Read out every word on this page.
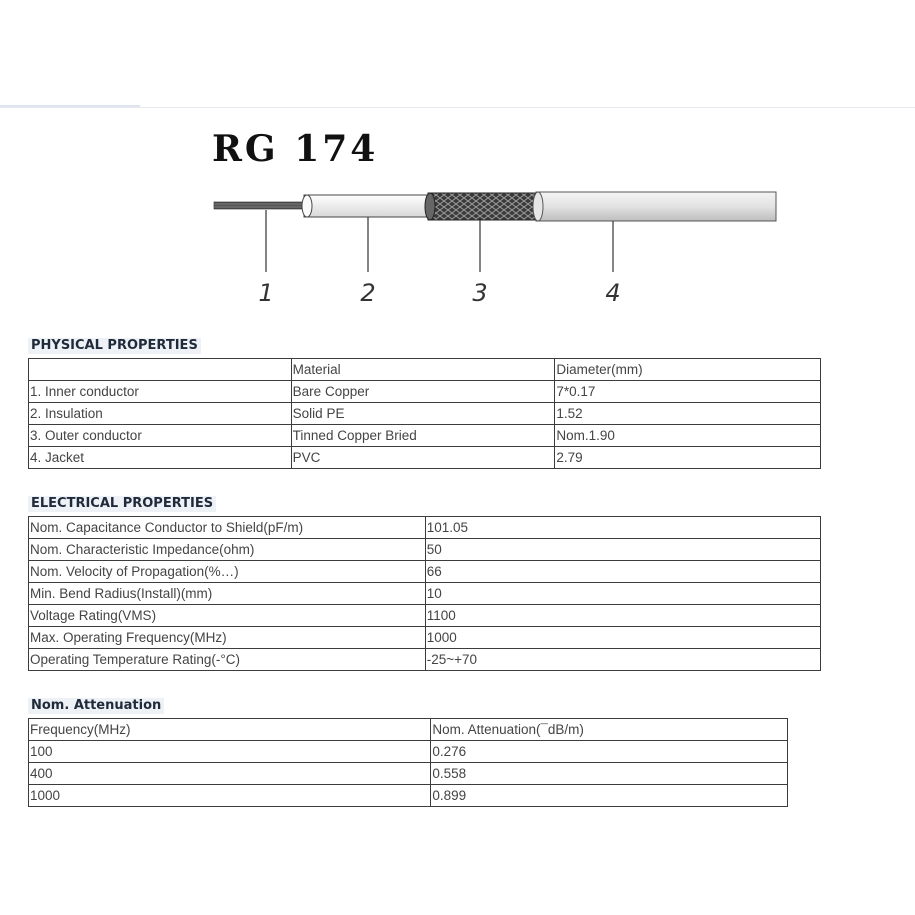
RG 174
1	2	3	4
PHYSICAL PROPERTIES
	Material	Diameter(mm)
1. Inner conductor	Bare Copper	7*0.17
2. Insulation	Solid PE	1.52
3. Outer conductor	Tinned Copper Bried	Nom.1.90
4. Jacket	PVC	2.79
ELECTRICAL PROPERTIES
Nom. Capacitance Conductor to Shield(pF/m)	101.05
Nom. Characteristic Impedance(ohm)	50
Nom. Velocity of Propagation(%…)	66
Min. Bend Radius(Install)(mm)	10
Voltage Rating(VMS)	1100
Max. Operating Frequency(MHz)	1000
Operating Temperature Rating(-°C)	-25~+70
Nom. Attenuation
Frequency(MHz)	Nom. Attenuation(¯dB/m)
100	0.276
400	0.558
1000	0.899
